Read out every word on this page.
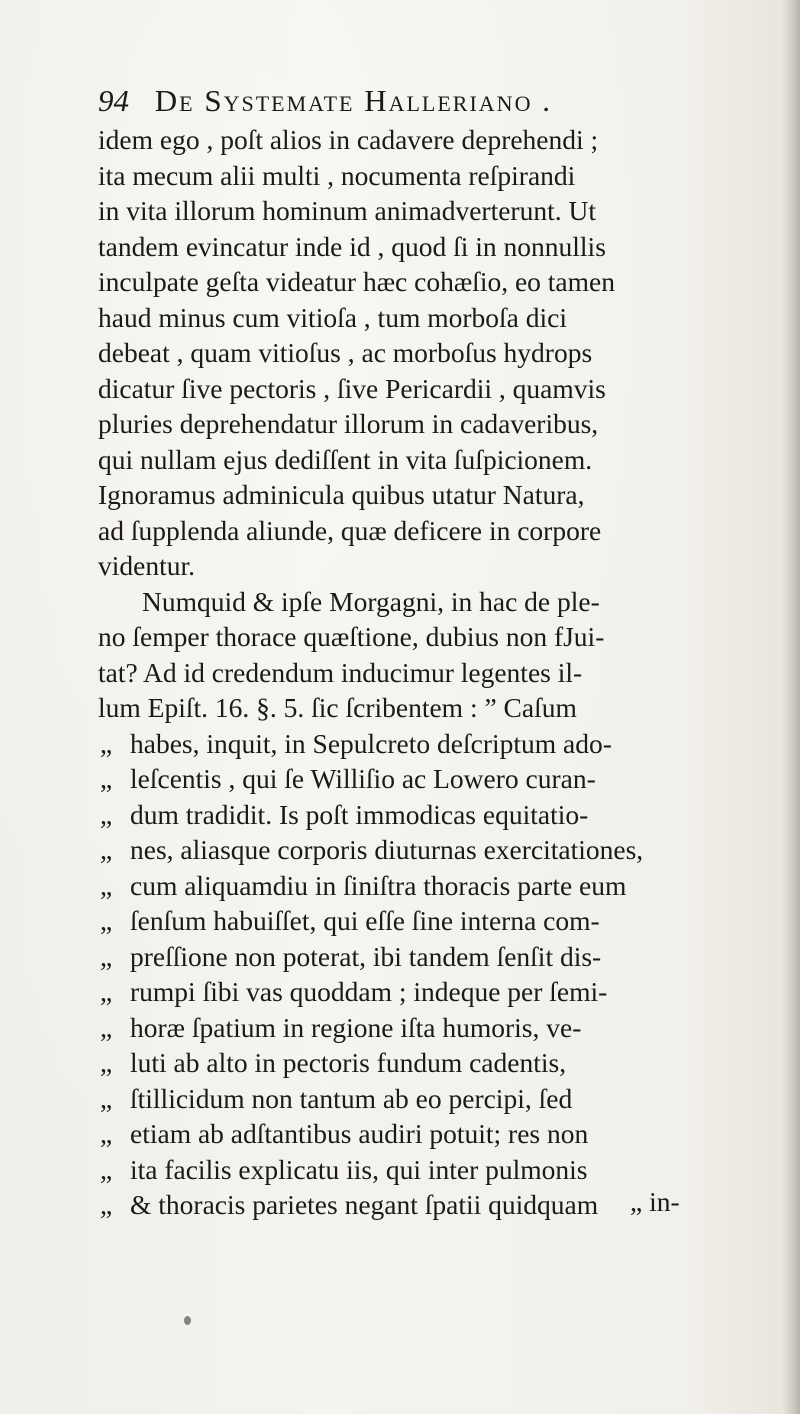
94 De Systemate Halleriano .
idem ego , poſt alios in cadavere deprehendi ;
ita mecum alii multi , nocumenta reſpirandi
in vita illorum hominum animadverterunt. Ut
tandem evincatur inde id , quod ſi in nonnullis
inculpate geſta videatur hæc cohæſio, eo tamen
haud minus cum vitioſa , tum morboſa dici
debeat , quam vitioſus , ac morboſus hydrops
dicatur ſive pectoris , ſive Pericardii , quamvis
pluries deprehendatur illorum in cadaveribus,
qui nullam ejus dediſſent in vita ſuſpicionem.
Ignoramus adminicula quibus utatur Natura,
ad ſupplenda aliunde, quæ deficere in corpore
videntur.
Numquid & ipſe Morgagni, in hac de ple-
no ſemper thorace quæſtione, dubius non fJui-
tat? Ad id credendum inducimur legentes il-
lum Epiſt. 16. §. 5. ſic ſcribentem : ” Caſum
„ habes, inquit, in Sepulcreto deſcriptum ado-
„ leſcentis , qui ſe Williſio ac Lowero curan-
„ dum tradidit. Is poſt immodicas equitatio-
„ nes, aliasque corporis diuturnas exercitationes,
„ cum aliquamdiu in ſiniſtra thoracis parte eum
„ ſenſum habuiſſet, qui eſſe ſine interna com-
„ preſſione non poterat, ibi tandem ſenſit dis-
„ rumpi ſibi vas quoddam ; indeque per ſemi-
„ horæ ſpatium in regione iſta humoris, ve-
„ luti ab alto in pectoris fundum cadentis,
„ ſtillicidum non tantum ab eo percipi, ſed
„ etiam ab adſtantibus audiri potuit; res non
„ ita facilis explicatu iis, qui inter pulmonis
„ & thoracis parietes negant ſpatii quidquam	„ in-
